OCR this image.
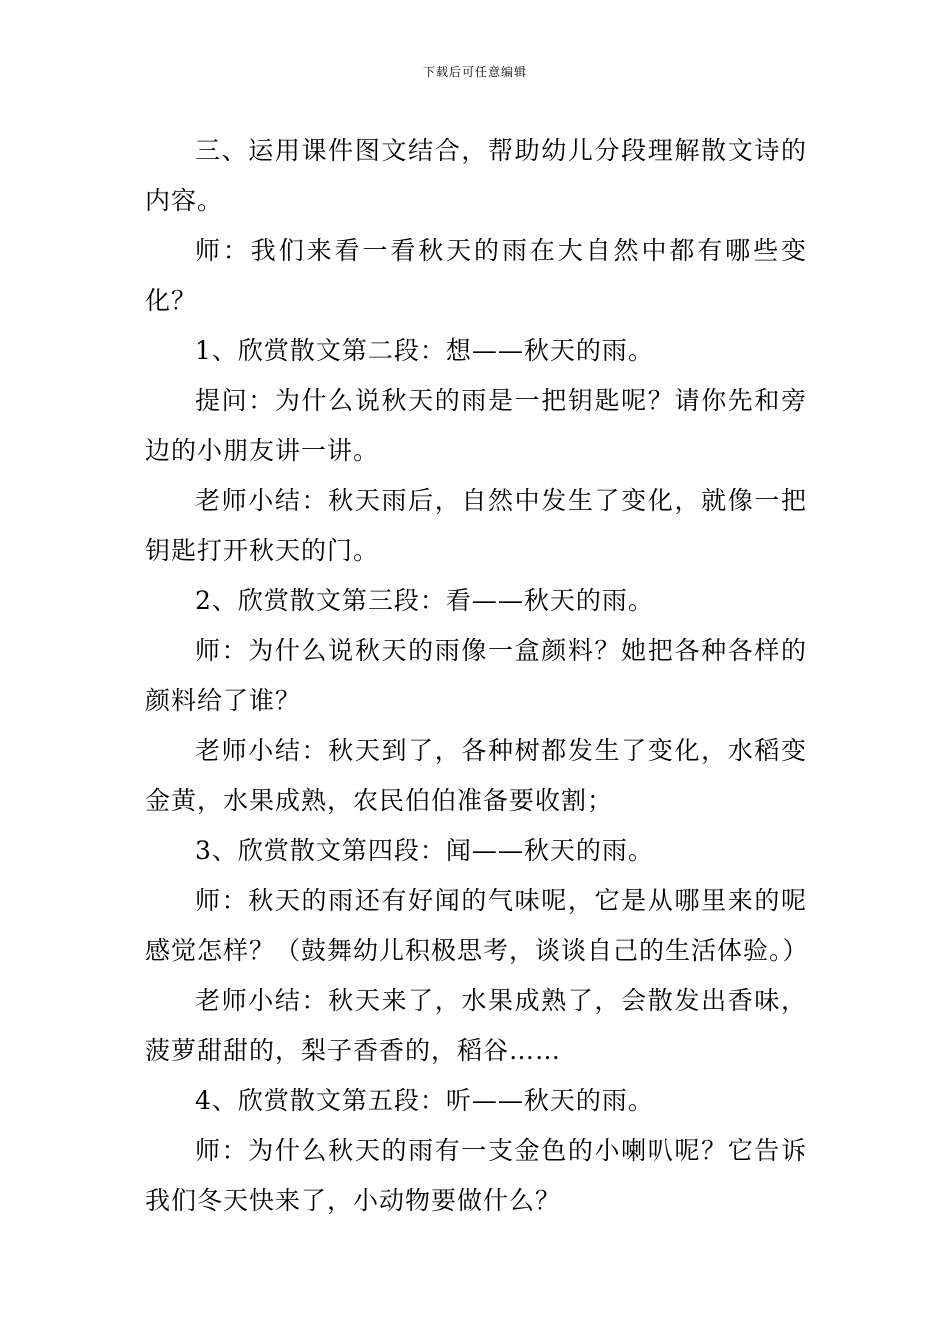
下载后可任意编辑

三、运用课件图文结合，帮助幼儿分段理解散文诗的内容。

师：我们来看一看秋天的雨在大自然中都有哪些变化？

1、欣赏散文第二段：想——秋天的雨。

提问：为什么说秋天的雨是一把钥匙呢？请你先和旁边的小朋友讲一讲。

老师小结：秋天雨后，自然中发生了变化，就像一把钥匙打开秋天的门。

2、欣赏散文第三段：看——秋天的雨。

师：为什么说秋天的雨像一盒颜料？她把各种各样的颜料给了谁？

老师小结：秋天到了，各种树都发生了变化，水稻变金黄，水果成熟，农民伯伯准备要收割；

3、欣赏散文第四段：闻——秋天的雨。

师：秋天的雨还有好闻的气味呢，它是从哪里来的呢感觉怎样？（鼓舞幼儿积极思考，谈谈自己的生活体验。）

老师小结：秋天来了，水果成熟了，会散发出香味，菠萝甜甜的，梨子香香的，稻谷……

4、欣赏散文第五段：听——秋天的雨。

师：为什么秋天的雨有一支金色的小喇叭呢？它告诉我们冬天快来了，小动物要做什么？
